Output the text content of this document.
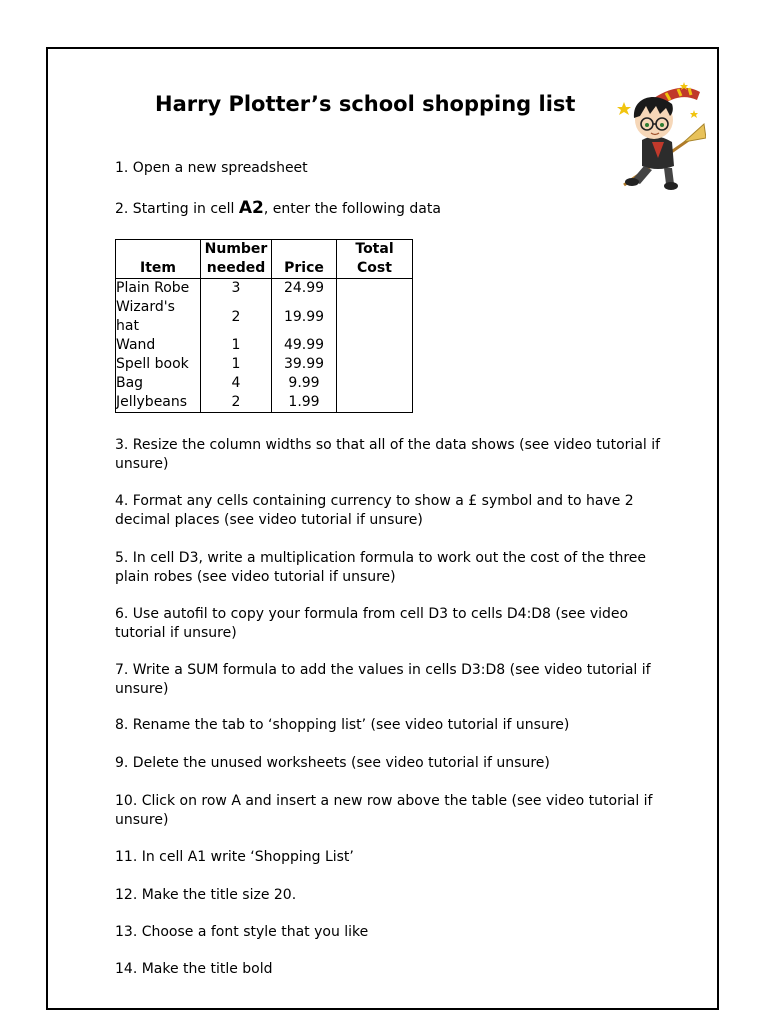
Harry Plotter’s school shopping list

1. Open a new spreadsheet

2. Starting in cell A2, enter the following data

Item	Number needed	Price	Total Cost
Plain Robe	3	24.99	
Wizard's hat	2	19.99	
Wand	1	49.99	
Spell book	1	39.99	
Bag	4	9.99	
Jellybeans	2	1.99	

3. Resize the column widths so that all of the data shows (see video tutorial if unsure)

4. Format any cells containing currency to show a £ symbol and to have 2 decimal places (see video tutorial if unsure)

5. In cell D3, write a multiplication formula to work out the cost of the three plain robes (see video tutorial if unsure)

6. Use autofil to copy your formula from cell D3 to cells D4:D8 (see video tutorial if unsure)

7. Write a SUM formula to add the values in cells D3:D8 (see video tutorial if unsure)

8. Rename the tab to ‘shopping list’ (see video tutorial if unsure)

9. Delete the unused worksheets (see video tutorial if unsure)

10. Click on row A and insert a new row above the table (see video tutorial if unsure)

11. In cell A1 write ‘Shopping List’

12. Make the title size 20.

13. Choose a font style that you like

14. Make the title bold
